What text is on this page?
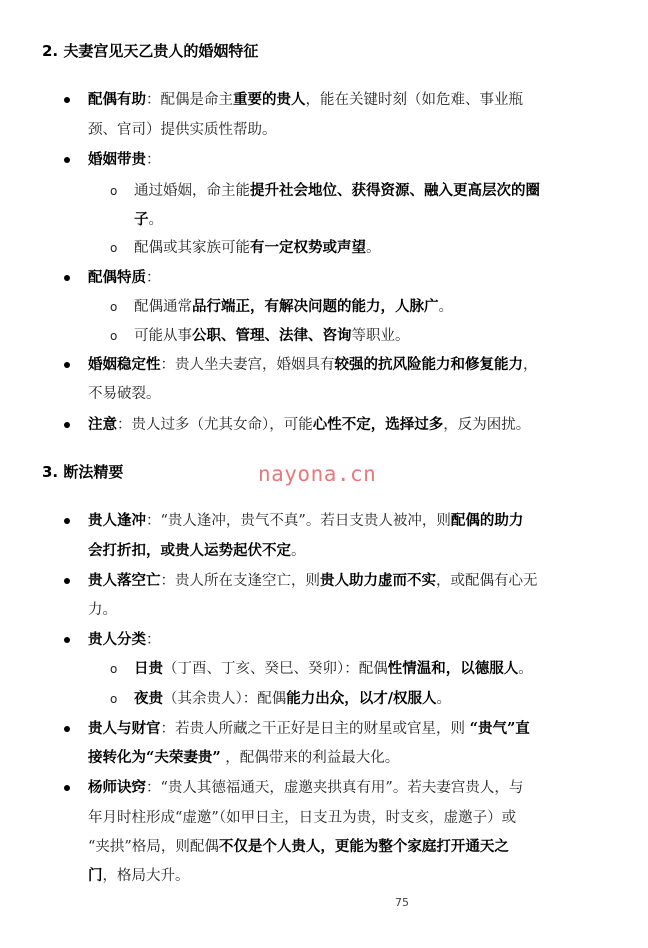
nayona.cn
75
2. 夫妻宫见天乙贵人的婚姻特征
配偶有助：配偶是命主重要的贵人，能在关键时刻（如危难、事业瓶
颈、官司）提供实质性帮助。
婚姻带贵：
o 通过婚姻，命主能提升社会地位、获得资源、融入更高层次的圈
子。
o 配偶或其家族可能有一定权势或声望。
配偶特质：
o 配偶通常品行端正，有解决问题的能力，人脉广。
o 可能从事公职、管理、法律、咨询等职业。
婚姻稳定性：贵人坐夫妻宫，婚姻具有较强的抗风险能力和修复能力，
不易破裂。
注意：贵人过多（尤其女命），可能心性不定，选择过多，反为困扰。
3. 断法精要
贵人逢冲：“贵人逢冲，贵气不真”。若日支贵人被冲，则配偶的助力
会打折扣，或贵人运势起伏不定。
贵人落空亡：贵人所在支逢空亡，则贵人助力虚而不实，或配偶有心无
力。
贵人分类：
o 日贵（丁酉、丁亥、癸巳、癸卯）：配偶性情温和，以德服人。
o 夜贵（其余贵人）：配偶能力出众，以才/权服人。
贵人与财官：若贵人所藏之干正好是日主的财星或官星，则 “贵气”直
接转化为“夫荣妻贵” ，配偶带来的利益最大化。
杨师诀窍：“贵人其德福通天，虚邀夹拱真有用”。若夫妻宫贵人，与
年月时柱形成“虚邀”（如甲日主，日支丑为贵，时支亥，虚邀子）或
“夹拱”格局，则配偶不仅是个人贵人，更能为整个家庭打开通天之
门，格局大升。
